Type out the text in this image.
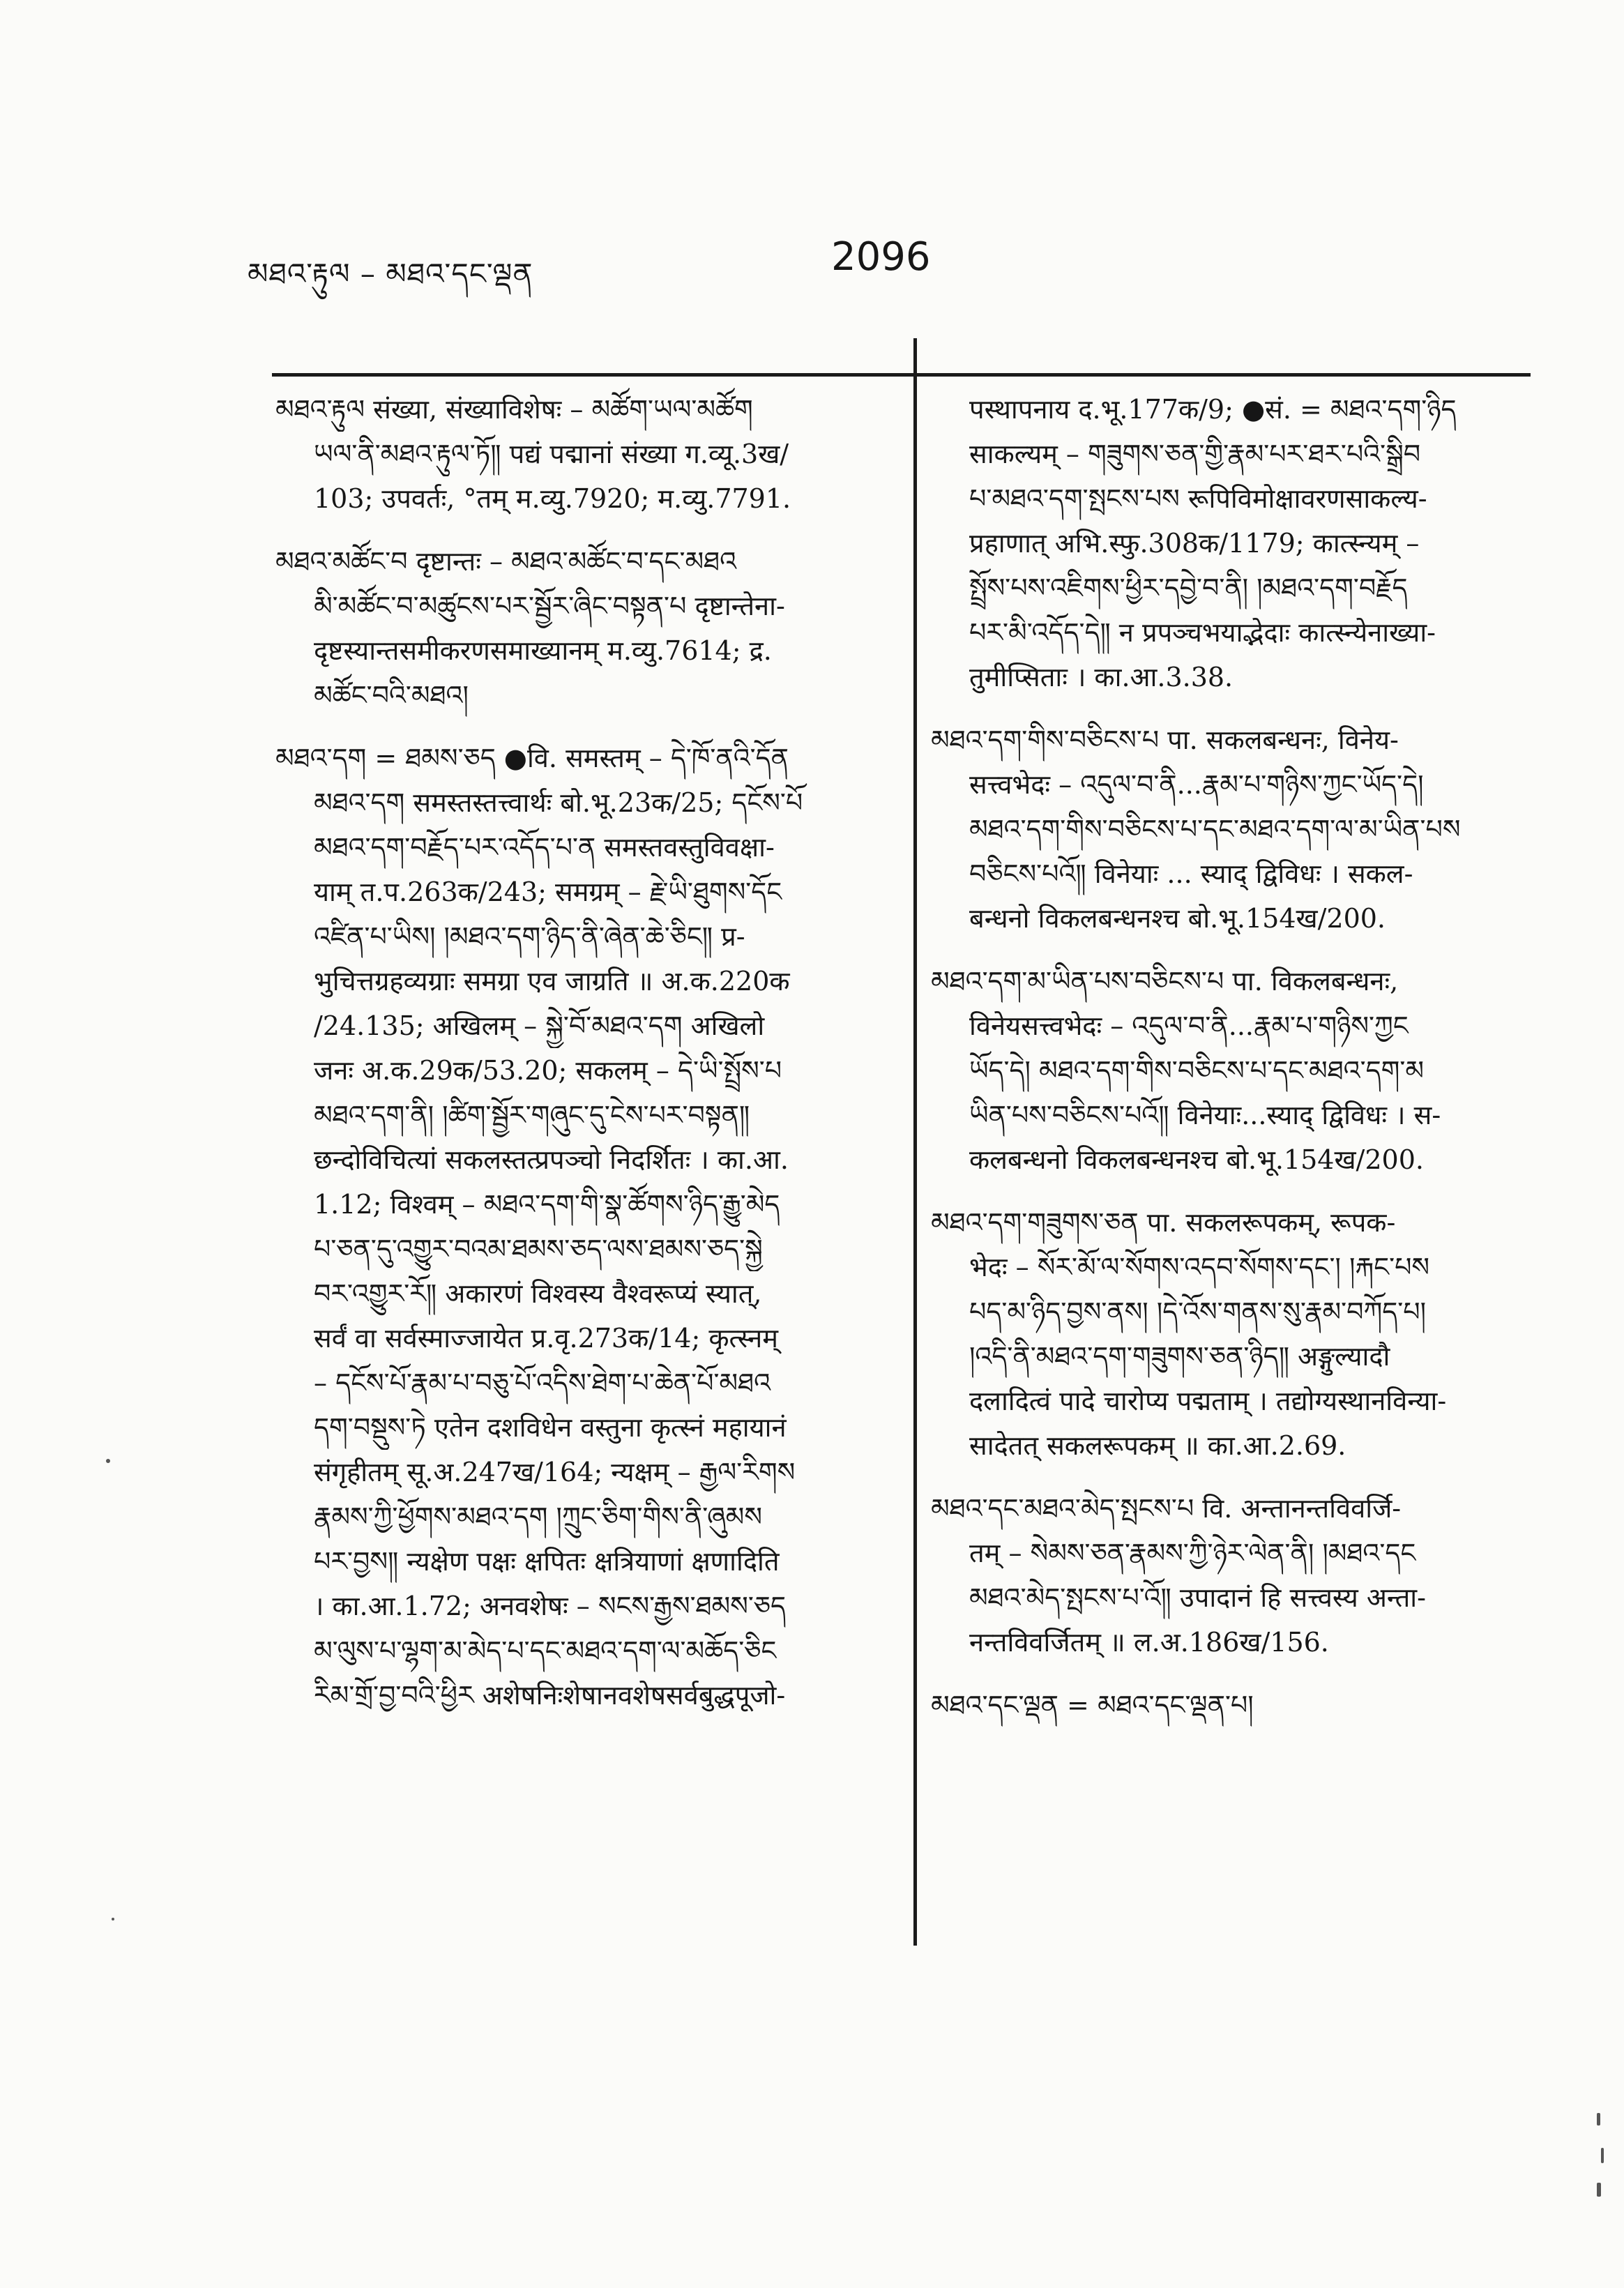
མཐའ་རྟུལ – མཐའ་དང་ལྡན	2096
མཐའ་རྟུལ संख्या, संख्याविशेषः – མཚོག་ཡལ་མཚོག
ཡལ་ནི་མཐའ་རྟུལ་ཏོ༎ पद्यं पद्मानां संख्या ग.व्यू.3ख/
103; उपवर्तः, °तम् म.व्यु.7920; म.व्यु.7791.
མཐའ་མཚོང་བ दृष्टान्तः – མཐའ་མཚོང་བ་དང་མཐའ
མི་མཚོང་བ་མཚུངས་པར་སྦྱོར་ཞིང་བསྟན་པ दृष्टान्तेना-
दृष्टस्यान्तसमीकरणसमाख्यानम् म.व्यु.7614; द्र.
མཚོང་བའི་མཐའ།
མཐའ་དག = ཐམས་ཅད ●वि. समस्तम् – དེ་ཁོ་ནའི་དོན
མཐའ་དག समस्तस्तत्त्वार्थः बो.भू.23क/25; དངོས་པོ
མཐའ་དག་བརྗོད་པར་འདོད་པ་ན समस्तवस्तुविवक्षा-
याम् त.प.263क/243; समग्रम् – རྗེ་ཡི་ཐུགས་དོང
འཛིན་པ་ཡིས། །མཐའ་དག་ཉིད་ནི་ཞེན་ཆེ་ཅིང༎ प्र-
भुचित्तग्रहव्यग्राः समग्रा एव जाग्रति ॥ अ.क.220क
/24.135; अखिलम् – སྐྱེ་བོ་མཐའ་དག अखिलो
जनः अ.क.29क/53.20; सकलम् – དེ་ཡི་སྤྲོས་པ
མཐའ་དག་ནི། །ཚིག་སྦྱོར་གཞུང་དུ་ངེས་པར་བསྟན༎
छन्दोविचित्यां सकलस्तत्प्रपञ्चो निदर्शितः । का.आ.
1.12; विश्वम् – མཐའ་དག་གི་སྣ་ཚོགས་ཉིད་རྒྱུ་མེད
པ་ཅན་དུ་འགྱུར་བའམ་ཐམས་ཅད་ལས་ཐམས་ཅད་སྐྱེ
བར་འགྱུར་རོ༎ अकारणं विश्वस्य वैश्वरूप्यं स्यात्,
सर्वं वा सर्वस्माज्जायेत प्र.वृ.273क/14; कृत्स्नम्
– དངོས་པོ་རྣམ་པ་བཅུ་པོ་འདིས་ཐེག་པ་ཆེན་པོ་མཐའ
དག་བསྡུས་ཏེ एतेन दशविधेन वस्तुना कृत्स्नं महायानं
संगृहीतम् सू.अ.247ख/164; न्यक्षम् – རྒྱལ་རིགས
རྣམས་ཀྱི་ཕྱོགས་མཐའ་དག །ཀྲུང་ཅིག་གིས་ནི་ཞུམས
པར་བྱས༎ न्यक्षेण पक्षः क्षपितः क्षत्रियाणां क्षणादिति
। का.आ.1.72; अनवशेषः – སངས་རྒྱས་ཐམས་ཅད
མ་ལུས་པ་ལྷག་མ་མེད་པ་དང་མཐའ་དག་ལ་མཆོད་ཅིང
རིམ་གྲོ་བྱ་བའི་ཕྱིར अशेषनिःशेषानवशेषसर्वबुद्धपूजो-
पस्थापनाय द.भू.177क/9; ●सं. = མཐའ་དག་ཉིད
साकल्यम् – གཟུགས་ཅན་གྱི་རྣམ་པར་ཐར་པའི་སྒྲིབ
པ་མཐའ་དག་སྤངས་པས रूपिविमोक्षावरणसाकल्य-
प्रहाणात् अभि.स्फु.308क/1179; कात्स्न्यम् –
སྤྲོས་པས་འཇིགས་ཕྱིར་དབྱེ་བ་ནི། །མཐའ་དག་བརྗོད
པར་མི་འདོད་དེ༎ न प्रपञ्चभयाद्भेदाः कात्स्न्येनाख्या-
तुमीप्सिताः । का.आ.3.38.
མཐའ་དག་གིས་བཅིངས་པ पा. सकलबन्धनः, विनेय-
सत्त्वभेदः – འདུལ་བ་ནི...རྣམ་པ་གཉིས་ཀྱང་ཡོད་དེ།
མཐའ་དག་གིས་བཅིངས་པ་དང་མཐའ་དག་ལ་མ་ཡིན་པས
བཅིངས་པའོ༎ विनेयाः ... स्याद् द्विविधः । सकल-
बन्धनो विकलबन्धनश्च बो.भू.154ख/200.
མཐའ་དག་མ་ཡིན་པས་བཅིངས་པ पा. विकलबन्धनः,
विनेयसत्त्वभेदः – འདུལ་བ་ནི...རྣམ་པ་གཉིས་ཀྱང
ཡོད་དེ། མཐའ་དག་གིས་བཅིངས་པ་དང་མཐའ་དག་མ
ཡིན་པས་བཅིངས་པའོ༎ विनेयाः...स्याद् द्विविधः । स-
कलबन्धनो विकलबन्धनश्च बो.भू.154ख/200.
མཐའ་དག་གཟུགས་ཅན पा. सकलरूपकम्, रूपक-
भेदः – སོར་མོ་ལ་སོགས་འདབ་སོགས་དང་། །རྐང་པས
པད་མ་ཉིད་བྱས་ནས། །དེ་འོས་གནས་སུ་རྣམ་བཀོད་པ།
།འདི་ནི་མཐའ་དག་གཟུགས་ཅན་ཉིད༎ अङ्गुल्यादौ
दलादित्वं पादे चारोप्य पद्मताम् । तद्योग्यस्थानविन्या-
सादेतत् सकलरूपकम् ॥ का.आ.2.69.
མཐའ་དང་མཐའ་མེད་སྤངས་པ वि. अन्तानन्तविवर्जि-
तम् – སེམས་ཅན་རྣམས་ཀྱི་ཉེར་ལེན་ནི། །མཐའ་དང
མཐའ་མེད་སྤངས་པ་འོ༎ उपादानं हि सत्त्वस्य अन्ता-
नन्तविवर्जितम् ॥ ल.अ.186ख/156.
མཐའ་དང་ལྡན = མཐའ་དང་ལྡན་པ།
